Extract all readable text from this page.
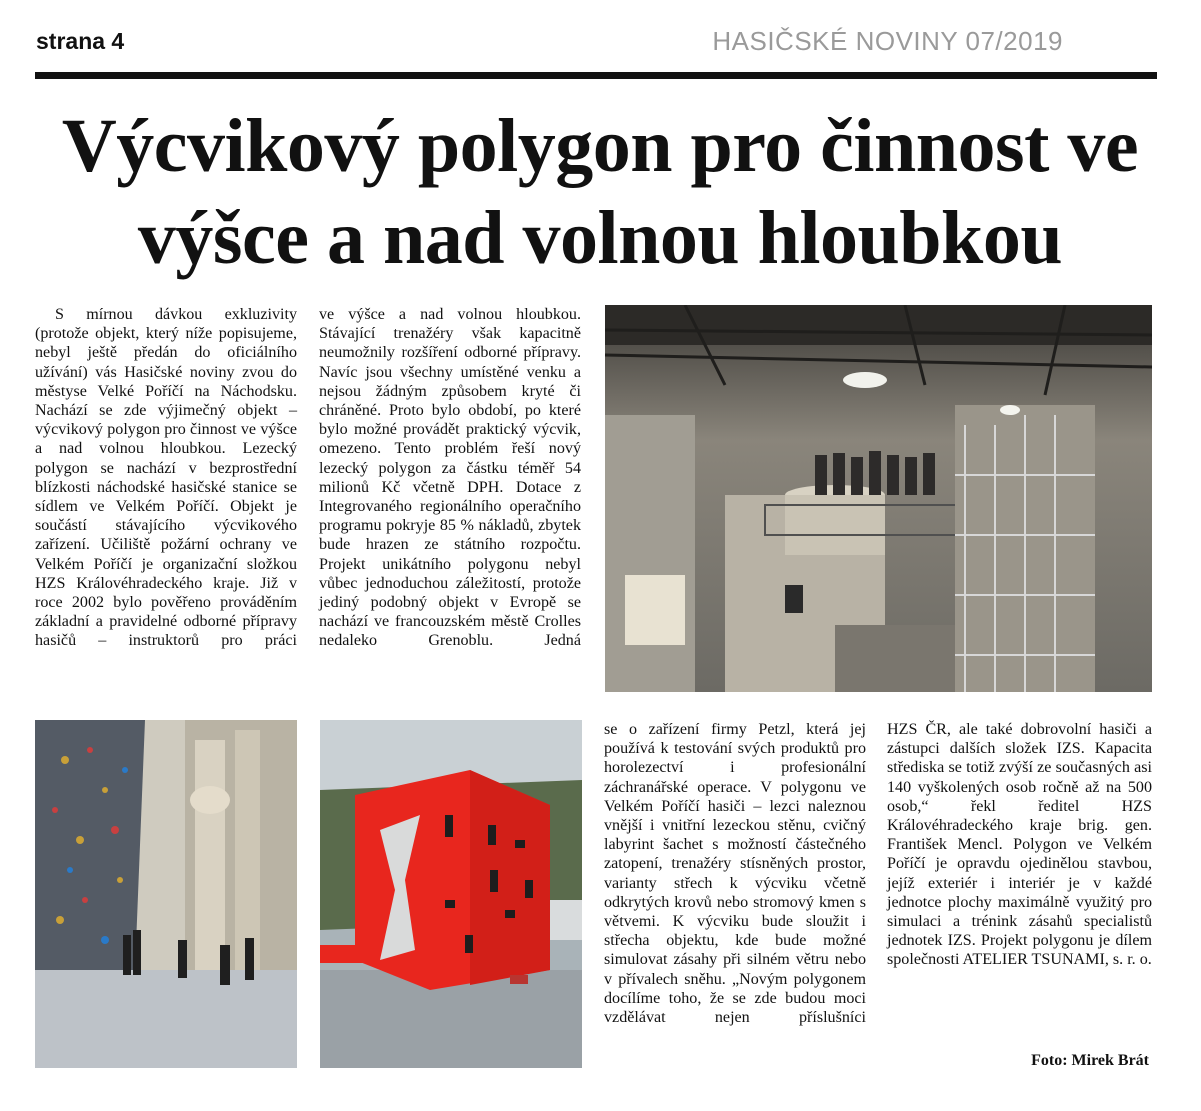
strana 4	HASIČSKÉ NOVINY 07/2019
Výcvikový polygon pro činnost ve výšce a nad volnou hloubkou

S mírnou dávkou exkluzivity (protože objekt, který níže popisujeme, nebyl ještě předán do oficiálního užívání) vás Hasičské noviny zvou do městyse Velké Poříčí na Náchodsku. Nachází se zde výjimečný objekt – výcvikový polygon pro činnost ve výšce a nad volnou hloubkou. Lezecký polygon se nachází v bezprostřední blízkosti náchodské hasičské stanice se sídlem ve Velkém Poříčí. Objekt je součástí stávajícího výcvikového zařízení. Učiliště požární ochrany ve Velkém Poříčí je organizační složkou HZS Královéhradeckého kraje. Již v roce 2002 bylo pověřeno prováděním základní a pravidelné odborné přípravy hasičů – instruktorů pro práci

ve výšce a nad volnou hloubkou. Stávající trenažéry však kapacitně neumožnily rozšíření odborné přípravy. Navíc jsou všechny umístěné venku a nejsou žádným způsobem kryté či chráněné. Proto bylo období, po které bylo možné provádět praktický výcvik, omezeno. Tento problém řeší nový lezecký polygon za částku téměř 54 milionů Kč včetně DPH. Dotace z Integrovaného regionálního operačního programu pokryje 85 % nákladů, zbytek bude hrazen ze státního rozpočtu. Projekt unikátního polygonu nebyl vůbec jednoduchou záležitostí, protože jediný podobný objekt v Evropě se nachází ve francouzském městě Crolles nedaleko Grenoblu. Jedná

se o zařízení firmy Petzl, která jej používá k testování svých produktů pro horolezectví i profesionální záchranářské operace. V polygonu ve Velkém Poříčí hasiči – lezci naleznou vnější i vnitřní lezeckou stěnu, cvičný labyrint šachet s možností částečného zatopení, trenažéry stísněných prostor, varianty střech k výcviku včetně odkrytých krovů nebo stromový kmen s větvemi. K výcviku bude sloužit i střecha objektu, kde bude možné simulovat zásahy při silném větru nebo v přívalech sněhu. „Novým polygonem docílíme toho, že se zde budou moci vzdělávat nejen příslušníci

HZS ČR, ale také dobrovolní hasiči a zástupci dalších složek IZS. Kapacita střediska se totiž zvýší ze současných asi 140 vyškolených osob ročně až na 500 osob,“ řekl ředitel HZS Královéhradeckého kraje brig. gen. František Mencl. Polygon ve Velkém Poříčí je opravdu ojedinělou stavbou, jejíž exteriér i interiér je v každé jednotce plochy maximálně využitý pro simulaci a trénink zásahů specialistů jednotek IZS. Projekt polygonu je dílem společnosti ATELIER TSUNAMI, s. r. o.

Foto: Mirek Brát
